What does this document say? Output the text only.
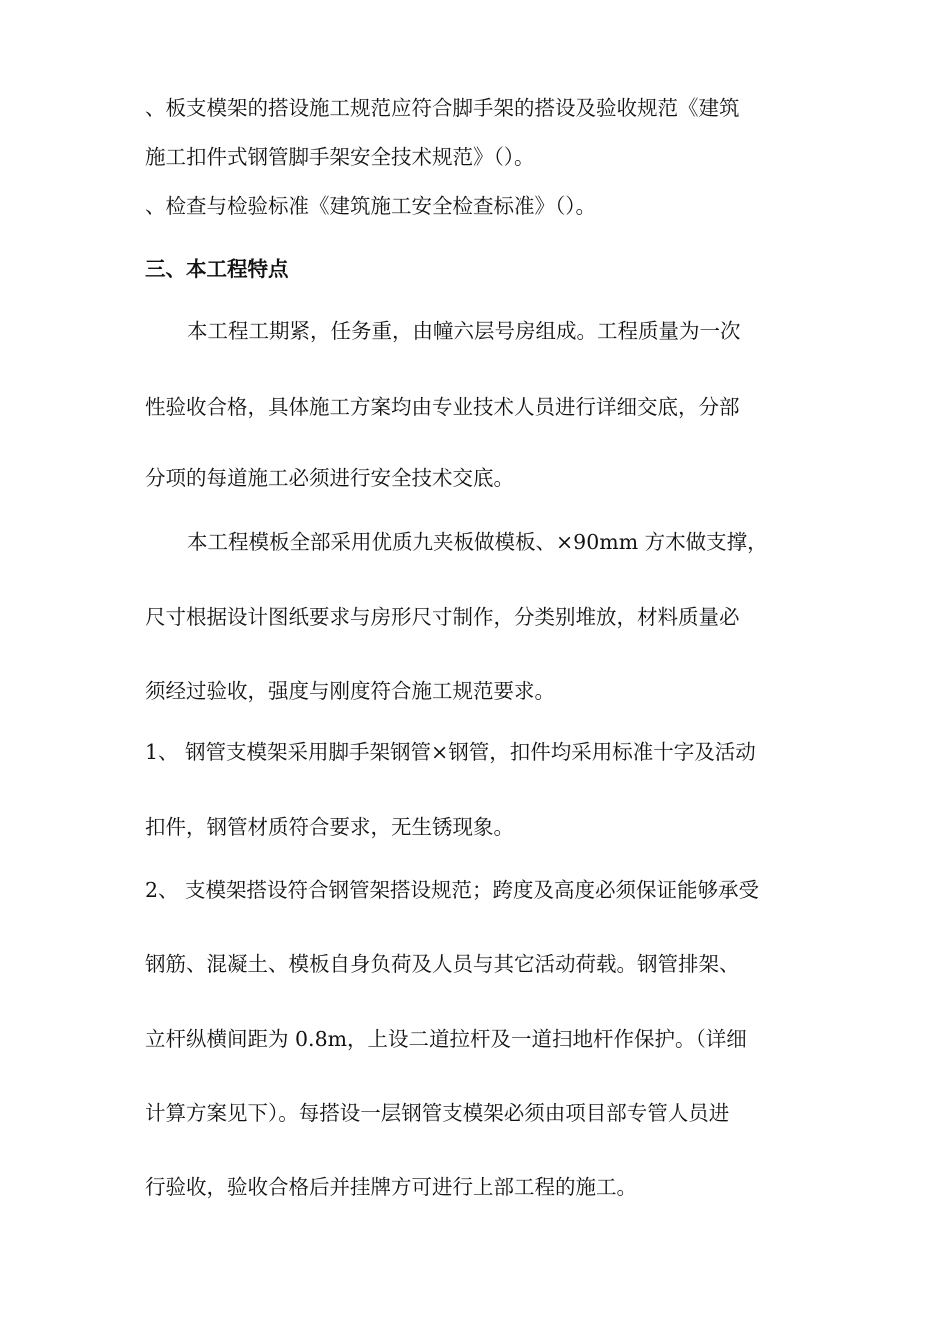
、板支模架的搭设施工规范应符合脚手架的搭设及验收规范《建筑
施工扣件式钢管脚手架安全技术规范》（）。
、检查与检验标准《建筑施工安全检查标准》（）。
三、本工程特点
本工程工期紧，任务重，由幢六层号房组成。工程质量为一次
性验收合格，具体施工方案均由专业技术人员进行详细交底，分部
分项的每道施工必须进行安全技术交底。
本工程模板全部采用优质九夹板做模板、×90mm 方木做支撑，
尺寸根据设计图纸要求与房形尺寸制作，分类别堆放，材料质量必
须经过验收，强度与刚度符合施工规范要求。
1、 钢管支模架采用脚手架钢管×钢管，扣件均采用标准十字及活动
扣件，钢管材质符合要求，无生锈现象。
2、 支模架搭设符合钢管架搭设规范；跨度及高度必须保证能够承受
钢筋、混凝土、模板自身负荷及人员与其它活动荷载。钢管排架、
立杆纵横间距为 0.8m，上设二道拉杆及一道扫地杆作保护。（详细
计算方案见下）。每搭设一层钢管支模架必须由项目部专管人员进
行验收，验收合格后并挂牌方可进行上部工程的施工。
